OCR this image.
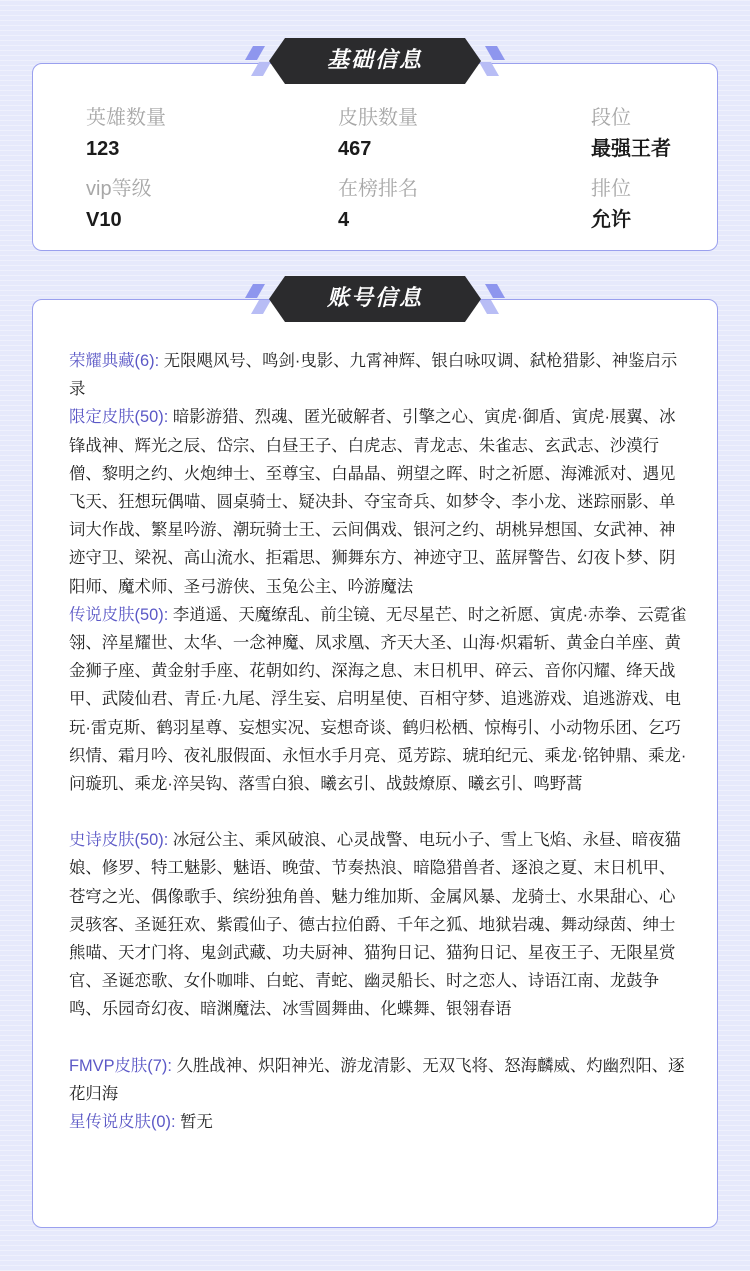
基础信息
英雄数量
123
皮肤数量
467
段位
最强王者
vip等级
V10
在榜排名
4
排位
允许
账号信息
荣耀典藏(6): 无限飓风号、鸣剑·曳影、九霄神辉、银白咏叹调、弑枪猎影、神鉴启示录
限定皮肤(50): 暗影游猎、烈魂、匿光破解者、引擎之心、寅虎·御盾、寅虎·展翼、冰锋战神、辉光之辰、岱宗、白昼王子、白虎志、青龙志、朱雀志、玄武志、沙漠行僧、黎明之约、火炮绅士、至尊宝、白晶晶、朔望之晖、时之祈愿、海滩派对、遇见飞天、狂想玩偶喵、圆桌骑士、疑决卦、夺宝奇兵、如梦令、李小龙、迷踪丽影、单词大作战、繁星吟游、潮玩骑士王、云间偶戏、银河之约、胡桃异想国、女武神、神迹守卫、梁祝、高山流水、拒霜思、狮舞东方、神迹守卫、蓝屏警告、幻夜卜梦、阴阳师、魔术师、圣弓游侠、玉兔公主、吟游魔法
传说皮肤(50): 李逍遥、天魔缭乱、前尘镜、无尽星芒、时之祈愿、寅虎·赤拳、云霓雀翎、淬星耀世、太华、一念神魔、凤求凰、齐天大圣、山海·炽霜斩、黄金白羊座、黄金狮子座、黄金射手座、花朝如约、深海之息、末日机甲、碎云、音你闪耀、绛天战甲、武陵仙君、青丘·九尾、浮生妄、启明星使、百相守梦、追逃游戏、追逃游戏、电玩·雷克斯、鹤羽星尊、妄想实况、妄想奇谈、鹤归松栖、惊梅引、小动物乐团、乞巧织情、霜月吟、夜礼服假面、永恒水手月亮、觅芳踪、琥珀纪元、乘龙·铭钟鼎、乘龙·问璇玑、乘龙·淬吴钩、落雪白狼、曦玄引、战鼓燎原、曦玄引、鸣野蒿
史诗皮肤(50): 冰冠公主、乘风破浪、心灵战警、电玩小子、雪上飞焰、永昼、暗夜猫娘、修罗、特工魅影、魅语、晚萤、节奏热浪、暗隐猎兽者、逐浪之夏、末日机甲、苍穹之光、偶像歌手、缤纷独角兽、魅力维加斯、金属风暴、龙骑士、水果甜心、心灵骇客、圣诞狂欢、紫霞仙子、德古拉伯爵、千年之狐、地狱岩魂、舞动绿茵、绅士熊喵、天才门将、鬼剑武藏、功夫厨神、猫狗日记、猫狗日记、星夜王子、无限星赏官、圣诞恋歌、女仆咖啡、白蛇、青蛇、幽灵船长、时之恋人、诗语江南、龙鼓争鸣、乐园奇幻夜、暗渊魔法、冰雪圆舞曲、化蝶舞、银翎春语
FMVP皮肤(7): 久胜战神、炽阳神光、游龙清影、无双飞将、怒海麟威、灼幽烈阳、逐花归海
星传说皮肤(0): 暂无
